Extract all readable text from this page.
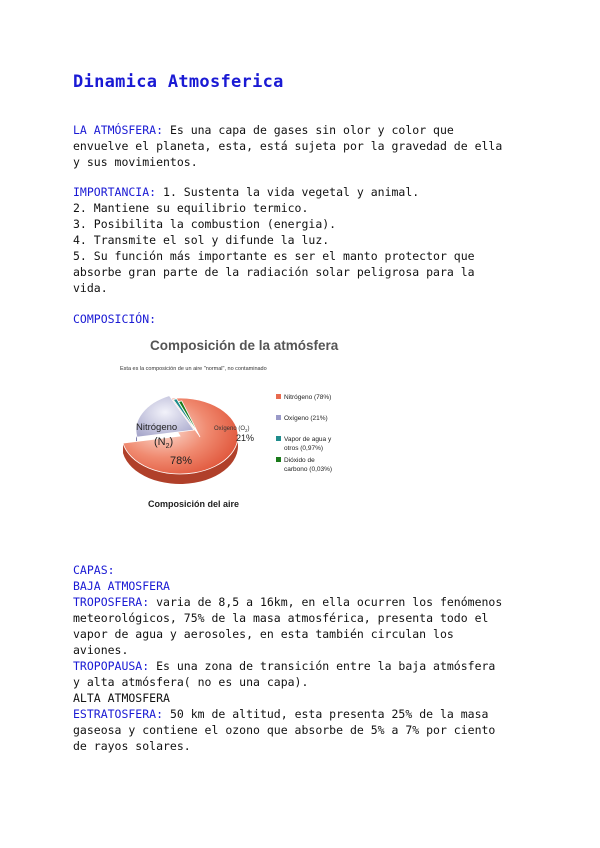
Dinamica Atmosferica
LA ATMÓSFERA: Es una capa de gases sin olor y color que
envuelve el planeta, esta, está sujeta por la gravedad de ella
y sus movimientos.
IMPORTANCIA: 1. Sustenta la vida vegetal y animal.
2. Mantiene su equilibrio termico.
3. Posibilita la combustion (energia).
4. Transmite el sol y difunde la luz.
5. Su función más importante es ser el manto protector que
absorbe gran parte de la radiación solar peligrosa para la
vida.
COMPOSICIÓN:
Composición de la atmósfera
Esta es la composición de un aire "normal", no contaminado
Nitrógeno
$(N_2)$
78%
Oxígeno $(O_2)$
21%
Nitrógeno (78%)
Oxígeno (21%)
Vapor de agua y
otros (0,97%)
Dióxido de
carbono (0,03%)
Composición del aire
CAPAS:
BAJA ATMOSFERA
TROPOSFERA: varia de 8,5 a 16km, en ella ocurren los fenómenos
meteorológicos, 75% de la masa atmosférica, presenta todo el
vapor de agua y aerosoles, en esta también circulan los
aviones.
TROPOPAUSA: Es una zona de transición entre la baja atmósfera
y alta atmósfera( no es una capa).
ALTA ATMOSFERA
ESTRATOSFERA: 50 km de altitud, esta presenta 25% de la masa
gaseosa y contiene el ozono que absorbe de 5% a 7% por ciento
de rayos solares.
